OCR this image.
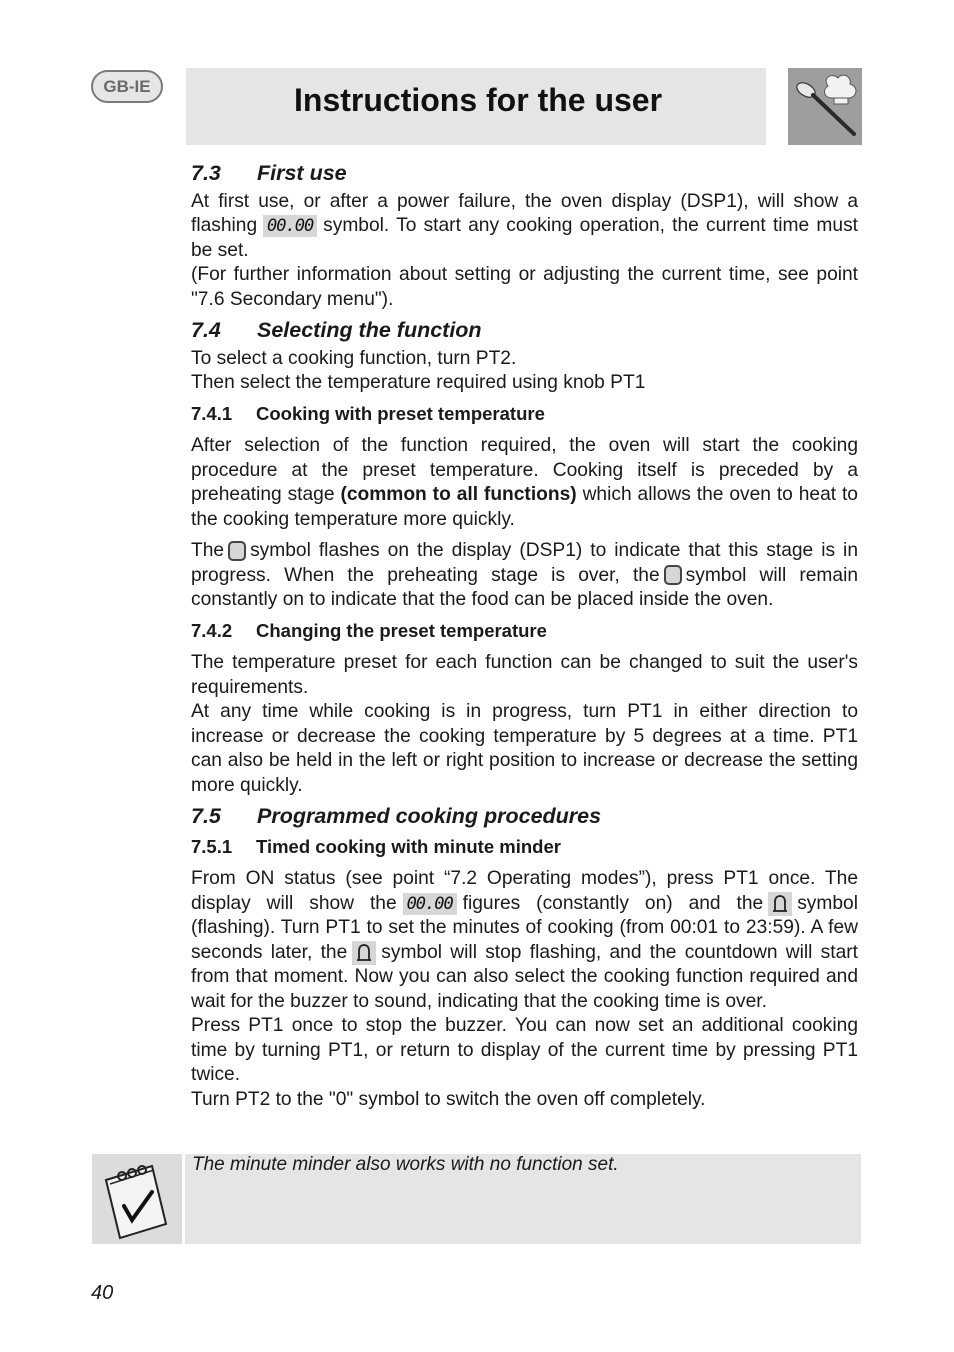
GB-IE	Instructions for the user
7.3 First use

At first use, or after a power failure, the oven display (DSP1), will show a flashing 00.00 symbol. To start any cooking operation, the current time must be set.

(For further information about setting or adjusting the current time, see point "7.6 Secondary menu").

7.4 Selecting the function

To select a cooking function, turn PT2.

Then select the temperature required using knob PT1

7.4.1 Cooking with preset temperature

After selection of the function required, the oven will start the cooking procedure at the preset temperature. Cooking itself is preceded by a preheating stage (common to all functions) which allows the oven to heat to the cooking temperature more quickly.

The symbol flashes on the display (DSP1) to indicate that this stage is in progress. When the preheating stage is over, the symbol will remain constantly on to indicate that the food can be placed inside the oven.

7.4.2 Changing the preset temperature

The temperature preset for each function can be changed to suit the user's requirements.

At any time while cooking is in progress, turn PT1 in either direction to increase or decrease the cooking temperature by 5 degrees at a time. PT1 can also be held in the left or right position to increase or decrease the setting more quickly.

7.5 Programmed cooking procedures
7.5.1 Timed cooking with minute minder

From ON status (see point “7.2 Operating modes”), press PT1 once. The display will show the 00.00 figures (constantly on) and the symbol (flashing). Turn PT1 to set the minutes of cooking (from 00:01 to 23:59). A few seconds later, the symbol will stop flashing, and the countdown will start from that moment. Now you can also select the cooking function required and wait for the buzzer to sound, indicating that the cooking time is over.

Press PT1 once to stop the buzzer. You can now set an additional cooking time by turning PT1, or return to display of the current time by pressing PT1 twice.

Turn PT2 to the "0" symbol to switch the oven off completely.

The minute minder also works with no function set.
40
